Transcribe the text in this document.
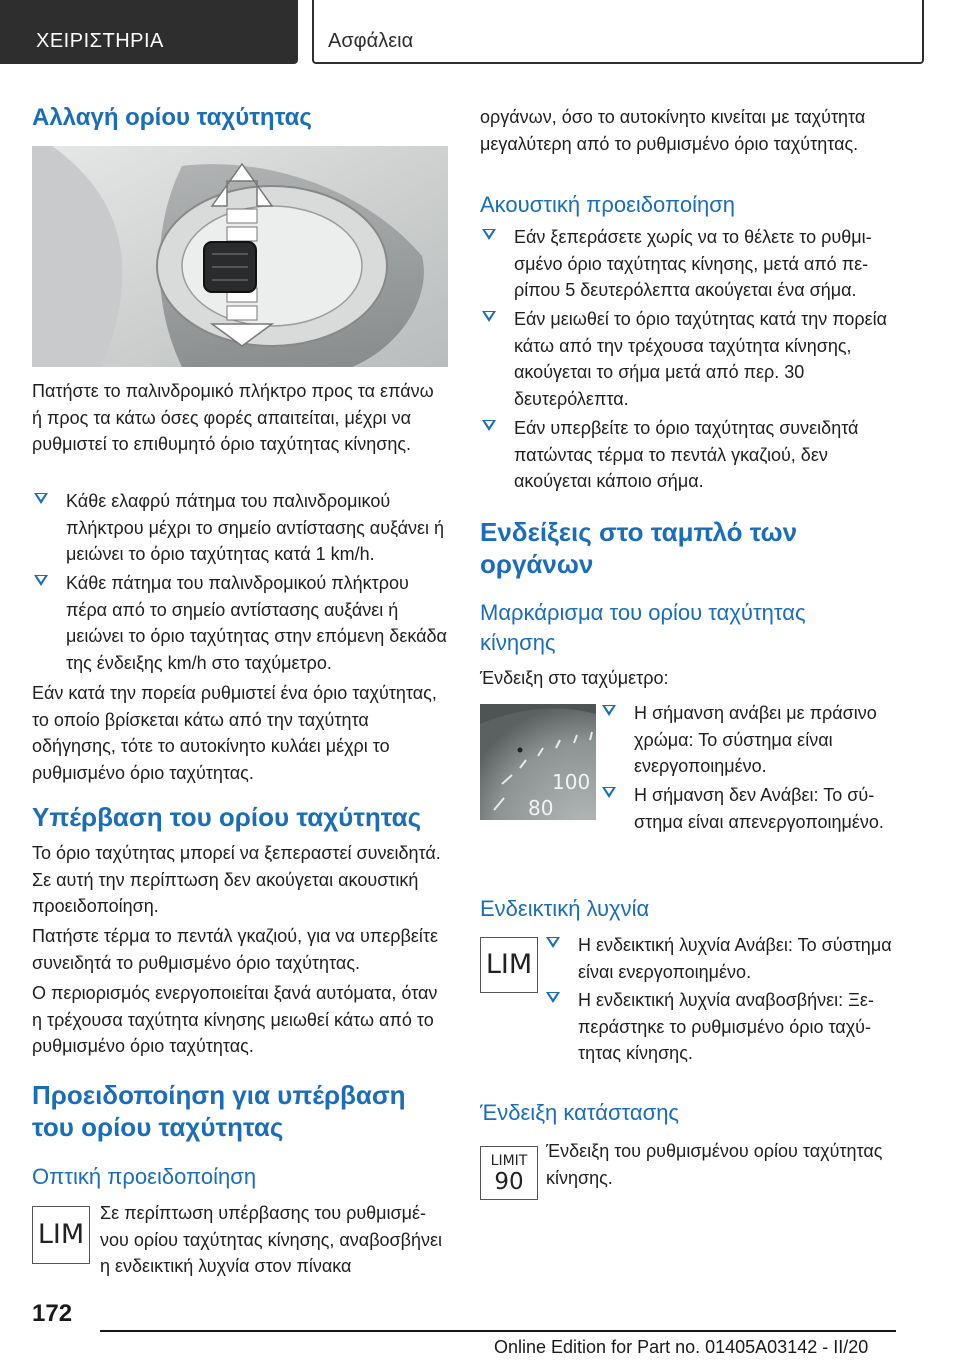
ΧΕΙΡΙΣΤΗΡΙΑ	Ασφάλεια
Αλλαγή ορίου ταχύτητας
Πατήστε το παλινδρομικό πλήκτρο προς τα επάνω ή προς τα κάτω όσες φορές απαιτείται, μέχρι να ρυθμιστεί το επιθυμητό όριο ταχύτητας κίνησης.
Κάθε ελαφρύ πάτημα του παλινδρομικού πλήκτρου μέχρι το σημείο αντίστασης αυξάνει ή μειώνει το όριο ταχύτητας κατά 1 km/h.
Κάθε πάτημα του παλινδρομικού πλήκτρου πέρα από το σημείο αντίστασης αυξάνει ή μειώνει το όριο ταχύτητας στην επόμενη δεκάδα της ένδειξης km/h στο ταχύμετρο.
Εάν κατά την πορεία ρυθμιστεί ένα όριο ταχύτητας, το οποίο βρίσκεται κάτω από την ταχύτητα οδήγησης, τότε το αυτοκίνητο κυλάει μέχρι το ρυθμισμένο όριο ταχύτητας.
Υπέρβαση του ορίου ταχύτητας
Το όριο ταχύτητας μπορεί να ξεπεραστεί συνειδητά. Σε αυτή την περίπτωση δεν ακούγεται ακουστική προειδοποίηση.
Πατήστε τέρμα το πεντάλ γκαζιού, για να υπερβείτε συνειδητά το ρυθμισμένο όριο ταχύτητας.
Ο περιορισμός ενεργοποιείται ξανά αυτόματα, όταν η τρέχουσα ταχύτητα κίνησης μειωθεί κάτω από το ρυθμισμένο όριο ταχύτητας.
Προειδοποίηση για υπέρβαση
του ορίου ταχύτητας
Οπτική προειδοποίηση
LIM
Σε περίπτωση υπέρβασης του ρυθμισμένου ορίου ταχύτητας κίνησης, αναβοσβήνει η ενδεικτική λυχνία στον πίνακα
οργάνων, όσο το αυτοκίνητο κινείται με ταχύτητα μεγαλύτερη από το ρυθμισμένο όριο ταχύτητας.
Ακουστική προειδοποίηση
Εάν ξεπεράσετε χωρίς να το θέλετε το ρυθμισμένο όριο ταχύτητας κίνησης, μετά από περίπου 5 δευτερόλεπτα ακούγεται ένα σήμα.
Εάν μειωθεί το όριο ταχύτητας κατά την πορεία κάτω από την τρέχουσα ταχύτητα κίνησης, ακούγεται το σήμα μετά από περ. 30 δευτερόλεπτα.
Εάν υπερβείτε το όριο ταχύτητας συνειδητά πατώντας τέρμα το πεντάλ γκαζιού, δεν ακούγεται κάποιο σήμα.
Ενδείξεις στο ταμπλό των
οργάνων
Μαρκάρισμα του ορίου ταχύτητας
κίνησης
Ένδειξη στο ταχύμετρο:
100
80
Η σήμανση ανάβει με πράσινο χρώμα: Το σύστημα είναι ενεργοποιημένο.
Η σήμανση δεν Ανάβει: Το σύστημα είναι απενεργοποιημένο.
Ενδεικτική λυχνία
LIM
Η ενδεικτική λυχνία Ανάβει: Το σύστημα είναι ενεργοποιημένο.
Η ενδεικτική λυχνία αναβοσβήνει: Ξεπεράστηκε το ρυθμισμένο όριο ταχύτητας κίνησης.
Ένδειξη κατάστασης
LIMIT
90
Ένδειξη του ρυθμισμένου ορίου ταχύτητας κίνησης.
172
Online Edition for Part no. 01405A03142 - II/20
